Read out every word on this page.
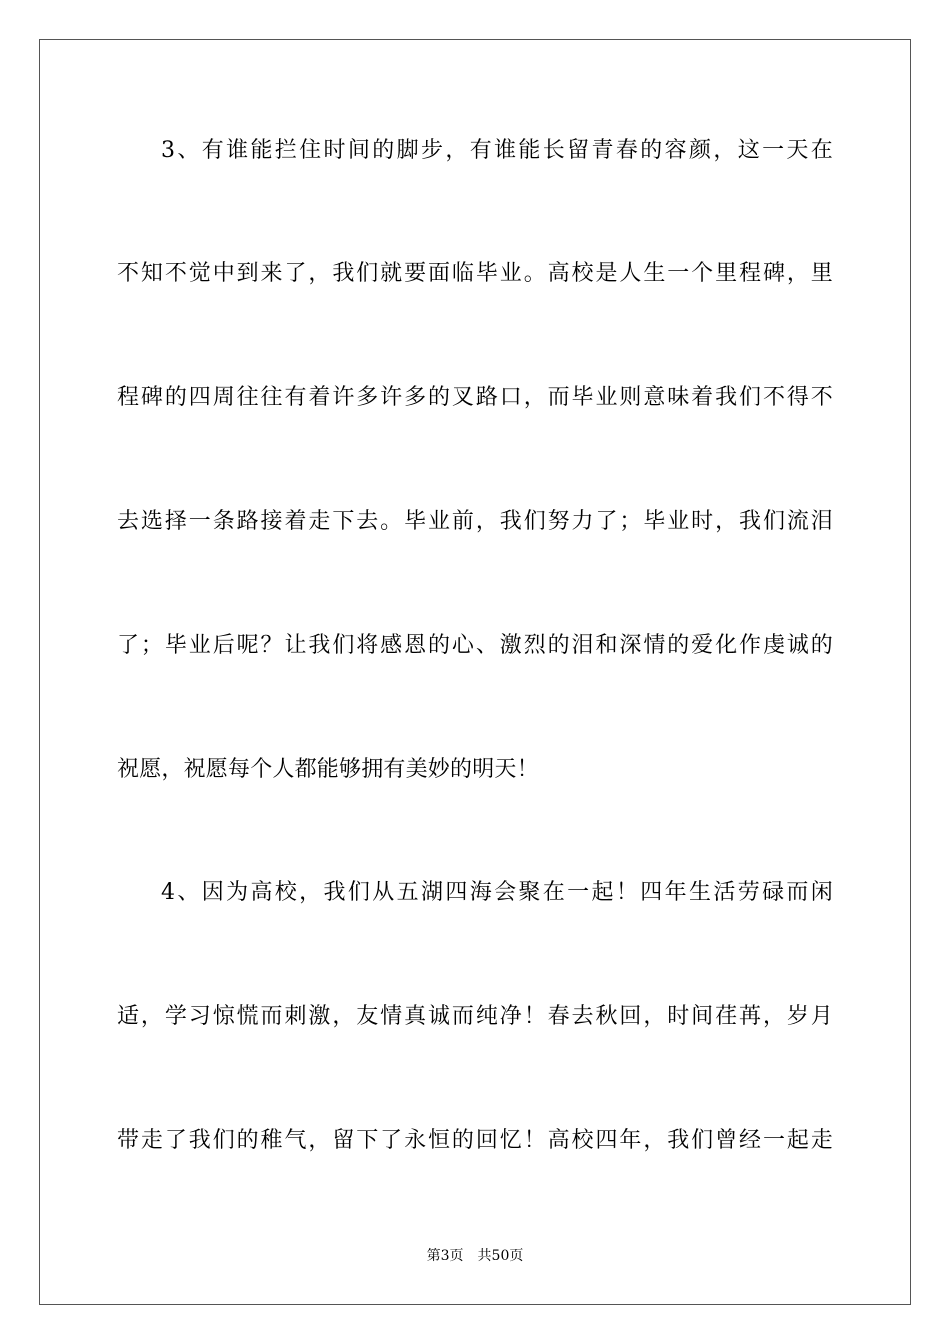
3、有谁能拦住时间的脚步，有谁能长留青春的容颜，这一天在
不知不觉中到来了，我们就要面临毕业。高校是人生一个里程碑，里
程碑的四周往往有着许多许多的叉路口，而毕业则意味着我们不得不
去选择一条路接着走下去。毕业前，我们努力了；毕业时，我们流泪
了；毕业后呢？让我们将感恩的心、激烈的泪和深情的爱化作虔诚的
祝愿，祝愿每个人都能够拥有美妙的明天！
4、因为高校，我们从五湖四海会聚在一起！四年生活劳碌而闲
适，学习惊慌而刺激，友情真诚而纯净！春去秋回，时间荏苒，岁月
带走了我们的稚气，留下了永恒的回忆！高校四年，我们曾经一起走
第3页 共50页
